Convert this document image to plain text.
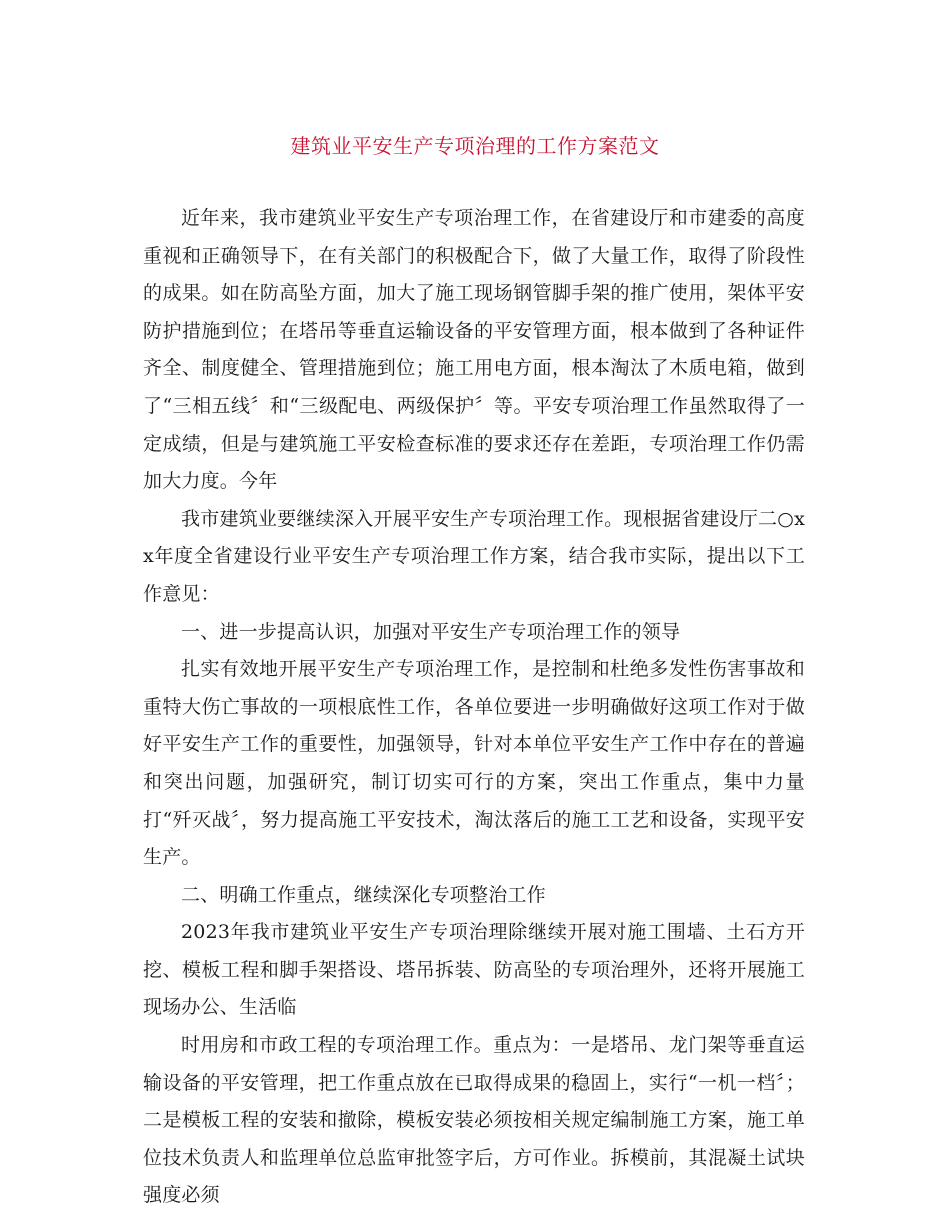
建筑业平安生产专项治理的工作方案范文

近年来，我市建筑业平安生产专项治理工作，在省建设厅和市建委的高度重视和正确领导下，在有关部门的积极配合下，做了大量工作，取得了阶段性的成果。如在防高坠方面，加大了施工现场钢管脚手架的推广使用，架体平安防护措施到位；在塔吊等垂直运输设备的平安管理方面，根本做到了各种证件齐全、制度健全、管理措施到位；施工用电方面，根本淘汰了木质电箱，做到了“三相五线〞和“三级配电、两级保护〞等。平安专项治理工作虽然取得了一定成绩，但是与建筑施工平安检查标准的要求还存在差距，专项治理工作仍需加大力度。今年

我市建筑业要继续深入开展平安生产专项治理工作。现根据省建设厅二○xx年度全省建设行业平安生产专项治理工作方案，结合我市实际，提出以下工作意见：

一、进一步提高认识，加强对平安生产专项治理工作的领导

扎实有效地开展平安生产专项治理工作，是控制和杜绝多发性伤害事故和重特大伤亡事故的一项根底性工作，各单位要进一步明确做好这项工作对于做好平安生产工作的重要性，加强领导，针对本单位平安生产工作中存在的普遍和突出问题，加强研究，制订切实可行的方案，突出工作重点，集中力量打“歼灭战〞，努力提高施工平安技术，淘汰落后的施工工艺和设备，实现平安生产。

二、明确工作重点，继续深化专项整治工作

2023年我市建筑业平安生产专项治理除继续开展对施工围墙、土石方开挖、模板工程和脚手架搭设、塔吊拆装、防高坠的专项治理外，还将开展施工现场办公、生活临

时用房和市政工程的专项治理工作。重点为：一是塔吊、龙门架等垂直运输设备的平安管理，把工作重点放在已取得成果的稳固上，实行“一机一档〞；二是模板工程的安装和撤除，模板安装必须按相关规定编制施工方案，施工单位技术负责人和监理单位总监审批签字后，方可作业。拆模前，其混凝土试块强度必须
